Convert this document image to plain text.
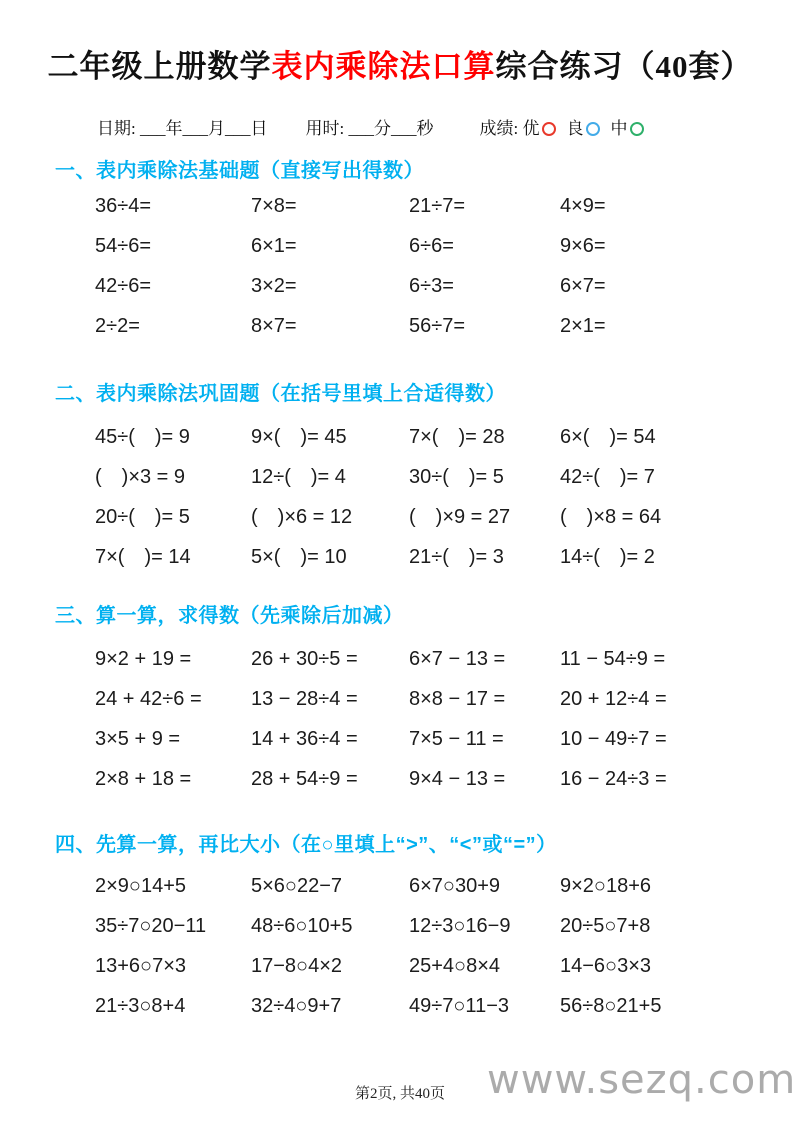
二年级上册数学表内乘除法口算综合练习（40套）
日期: ___年___月___日 用时: ___分___秒	成绩: 优 良 中
一、表内乘除法基础题（直接写出得数）
36÷4=	7×8=	21÷7=	4×9=
54÷6=	6×1=	6÷6=	9×6=
42÷6=	3×2=	6÷3=	6×7=
2÷2=	8×7=	56÷7=	2×1=
二、表内乘除法巩固题（在括号里填上合适得数）
45÷(　)= 9	9×(　)= 45	7×(　)= 28	6×(　)= 54
(　)×3 = 9	12÷(　)= 4	30÷(　)= 5	42÷(　)= 7
20÷(　)= 5	(　)×6 = 12	(　)×9 = 27	(　)×8 = 64
7×(　)= 14	5×(　)= 10	21÷(　)= 3	14÷(　)= 2
三、算一算，求得数（先乘除后加减）
9×2 + 19 =	26 + 30÷5 =	6×7 − 13 =	11 − 54÷9 =
24 + 42÷6 =	13 − 28÷4 =	8×8 − 17 =	20 + 12÷4 =
3×5 + 9 =	14 + 36÷4 =	7×5 − 11 =	10 − 49÷7 =
2×8 + 18 =	28 + 54÷9 =	9×4 − 13 =	16 − 24÷3 =
四、先算一算，再比大小（在○里填上“>”、“<”或“=”）
2×9○14+5	5×6○22−7	6×7○30+9	9×2○18+6
35÷7○20−11	48÷6○10+5	12÷3○16−9	20÷5○7+8
13+6○7×3	17−8○4×2	25+4○8×4	14−6○3×3
21÷3○8+4	32÷4○9+7	49÷7○11−3	56÷8○21+5
第2页, 共40页	www.sezq.com
